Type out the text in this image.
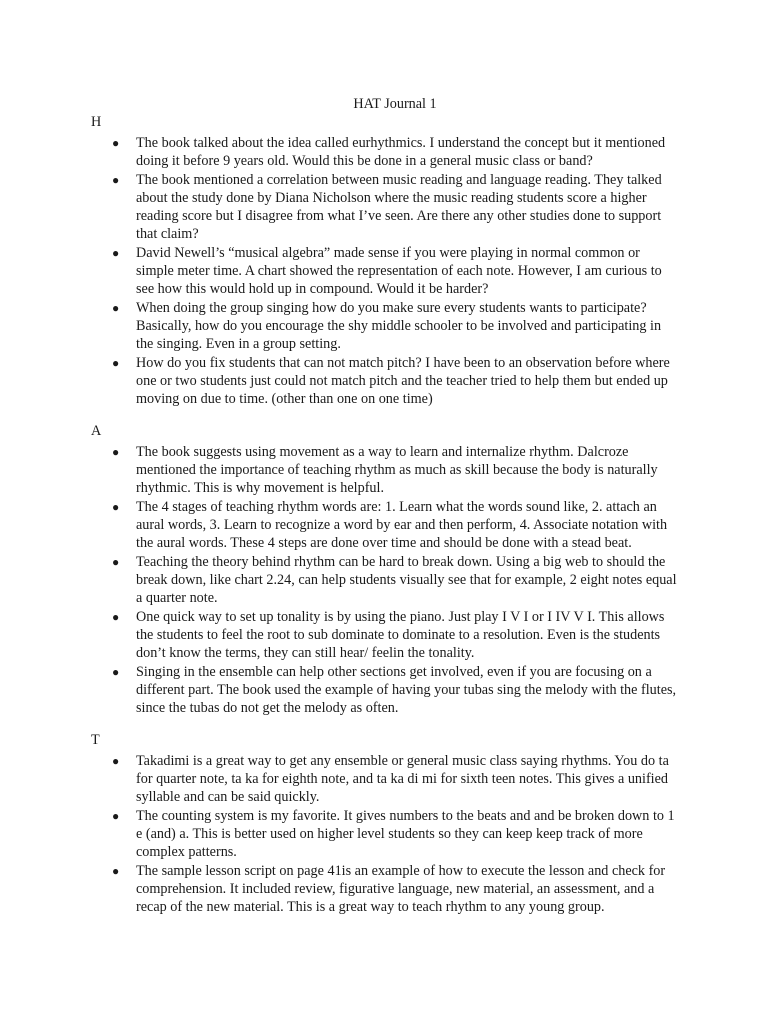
HAT Journal 1
H
● The book talked about the idea called eurhythmics. I understand the concept but it mentioned doing it before 9 years old. Would this be done in a general music class or band?
● The book mentioned a correlation between music reading and language reading. They talked about the study done by Diana Nicholson where the music reading students score a higher reading score but I disagree from what I’ve seen. Are there any other studies done to support that claim?
● David Newell’s “musical algebra” made sense if you were playing in normal common or simple meter time. A chart showed the representation of each note. However, I am curious to see how this would hold up in compound. Would it be harder?
● When doing the group singing how do you make sure every students wants to participate? Basically, how do you encourage the shy middle schooler to be involved and participating in the singing. Even in a group setting.
● How do you fix students that can not match pitch? I have been to an observation before where one or two students just could not match pitch and the teacher tried to help them but ended up moving on due to time. (other than one on one time)
A
● The book suggests using movement as a way to learn and internalize rhythm. Dalcroze mentioned the importance of teaching rhythm as much as skill because the body is naturally rhythmic. This is why movement is helpful.
● The 4 stages of teaching rhythm words are: 1. Learn what the words sound like, 2. attach an aural words, 3. Learn to recognize a word by ear and then perform, 4. Associate notation with the aural words. These 4 steps are done over time and should be done with a stead beat.
● Teaching the theory behind rhythm can be hard to break down. Using a big web to should the break down, like chart 2.24, can help students visually see that for example, 2 eight notes equal a quarter note.
● One quick way to set up tonality is by using the piano. Just play I V I or I IV V I. This allows the students to feel the root to sub dominate to dominate to a resolution. Even is the students don’t know the terms, they can still hear/ feelin the tonality.
● Singing in the ensemble can help other sections get involved, even if you are focusing on a different part. The book used the example of having your tubas sing the melody with the flutes, since the tubas do not get the melody as often.
T
● Takadimi is a great way to get any ensemble or general music class saying rhythms. You do ta for quarter note, ta ka for eighth note, and ta ka di mi for sixth teen notes. This gives a unified syllable and can be said quickly.
● The counting system is my favorite. It gives numbers to the beats and and be broken down to 1 e (and) a. This is better used on higher level students so they can keep keep track of more complex patterns.
● The sample lesson script on page 41is an example of how to execute the lesson and check for comprehension. It included review, figurative language, new material, an assessment, and a recap of the new material. This is a great way to teach rhythm to any young group.
